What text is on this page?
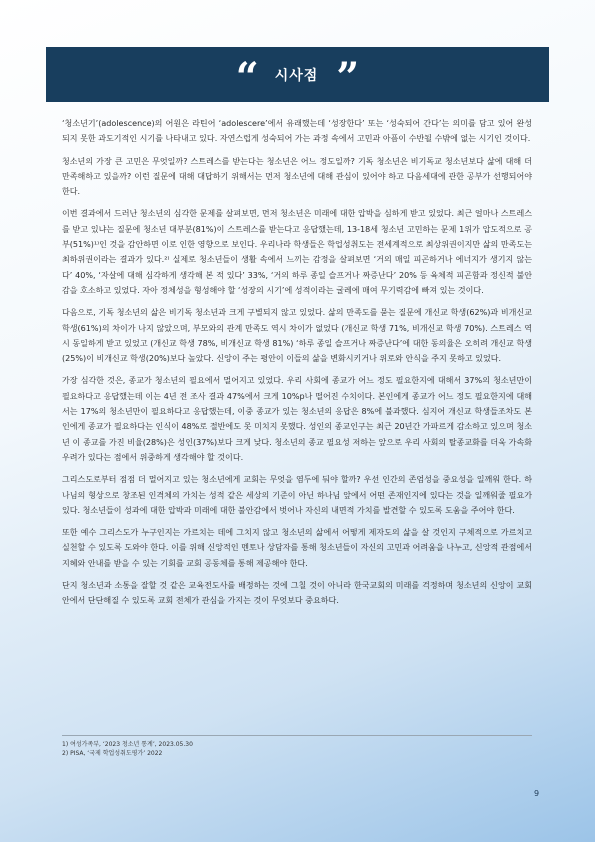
“ 시사점 ”

‘청소년기’(adolescence)의 어원은 라틴어 ‘adolescere’에서 유래했는데 ‘성장한다’ 또는 ‘성숙되어 간다’는 의미를 담고 있어 완성되지 못한 과도기적인 시기를 나타내고 있다. 자연스럽게 성숙되어 가는 과정 속에서 고민과 아픔이 수반될 수밖에 없는 시기인 것이다.

청소년의 가장 큰 고민은 무엇일까? 스트레스를 받는다는 청소년은 어느 정도일까? 기독 청소년은 비기독교 청소년보다 삶에 대해 더 만족해하고 있을까? 이런 질문에 대해 대답하기 위해서는 먼저 청소년에 대해 관심이 있어야 하고 다음세대에 관한 공부가 선행되어야 한다.

이번 결과에서 드러난 청소년의 심각한 문제를 살펴보면, 먼저 청소년은 미래에 대한 압박을 심하게 받고 있었다. 최근 얼마나 스트레스를 받고 있냐는 질문에 청소년 대부분(81%)이 스트레스를 받는다고 응답했는데, 13-18세 청소년 고민하는 문제 1위가 압도적으로 공부(51%)¹⁾인 것을 감안하면 이로 인한 영향으로 보인다. 우리나라 학생들은 학업성취도는 전세계적으로 최상위권이지만 삶의 만족도는 최하위권이라는 결과가 있다.²⁾ 실제로 청소년들이 생활 속에서 느끼는 감정을 살펴보면 ‘거의 매일 피곤하거나 에너지가 생기지 않는다’ 40%, ‘자살에 대해 심각하게 생각해 본 적 있다’ 33%, ‘거의 하루 종일 슬프거나 짜증난다’ 20% 등 육체적 피곤함과 정신적 불안감을 호소하고 있었다. 자아 정체성을 형성해야 할 ‘성장의 시기’에 성적이라는 굴레에 매여 무기력감에 빠져 있는 것이다.

다음으로, 기독 청소년의 삶은 비기독 청소년과 크게 구별되지 않고 있었다. 삶의 만족도를 묻는 질문에 개신교 학생(62%)과 비개신교 학생(61%)의 차이가 나지 않았으며, 부모와의 관계 만족도 역시 차이가 없었다 (개신교 학생 71%, 비개신교 학생 70%). 스트레스 역시 동일하게 받고 있었고 (개신교 학생 78%, 비개신교 학생 81%) ‘하루 종일 슬프거나 짜증난다’에 대한 동의율은 오히려 개신교 학생(25%)이 비개신교 학생(20%)보다 높았다. 신앙이 주는 평안이 이들의 삶을 변화시키거나 위로와 안식을 주지 못하고 있었다.

가장 심각한 것은, 종교가 청소년의 필요에서 멀어지고 있었다. 우리 사회에 종교가 어느 정도 필요한지에 대해서 37%의 청소년만이 필요하다고 응답했는데 이는 4년 전 조사 결과 47%에서 크게 10%p나 떨어진 수치이다. 본인에게 종교가 어느 정도 필요한지에 대해서는 17%의 청소년만이 필요하다고 응답했는데, 이중 종교가 있는 청소년의 응답은 8%에 불과했다. 심지어 개신교 학생들조차도 본인에게 종교가 필요하다는 인식이 48%로 절반에도 못 미치지 못했다. 성인의 종교인구는 최근 20년간 가파르게 감소하고 있으며 청소년 이 종교를 가진 비율(28%)은 성인(37%)보다 크게 낮다. 청소년의 종교 필요성 저하는 앞으로 우리 사회의 탈종교화를 더욱 가속화 우려가 있다는 점에서 위중하게 생각해야 할 것이다.

그리스도로부터 점점 더 멀어지고 있는 청소년에게 교회는 무엇을 염두에 둬야 할까? 우선 인간의 존엄성을 중요성을 일깨워 한다. 하나님의 형상으로 창조된 인격체의 가치는 성적 같은 세상의 기준이 아닌 하나님 앞에서 어떤 존재인지에 있다는 것을 일깨워줄 필요가 있다. 청소년들이 성과에 대한 압박과 미래에 대한 불안감에서 벗어나 자신의 내면적 가치를 발견할 수 있도록 도움을 주어야 한다.

또한 예수 그리스도가 누구인지는 가르치는 데에 그치지 않고 청소년의 삶에서 어떻게 제자도의 삶을 살 것인지 구체적으로 가르치고 실천할 수 있도록 도와야 한다. 이를 위해 신앙적인 멘토나 상담자를 통해 청소년들이 자신의 고민과 어려움을 나누고, 신앙적 관점에서 지혜와 안내를 받을 수 있는 기회를 교회 공동체를 통해 제공해야 한다.

단지 청소년과 소통을 잘할 것 같은 교육전도사를 배정하는 것에 그칠 것이 아니라 한국교회의 미래를 걱정하며 청소년의 신앙이 교회 안에서 단단해질 수 있도록 교회 전체가 관심을 가지는 것이 무엇보다 중요하다.

1) 여성가족부, ‘2023 청소년 통계’, 2023.05.30
2) PISA, ‘국제 학업성취도평가’ 2022
9
